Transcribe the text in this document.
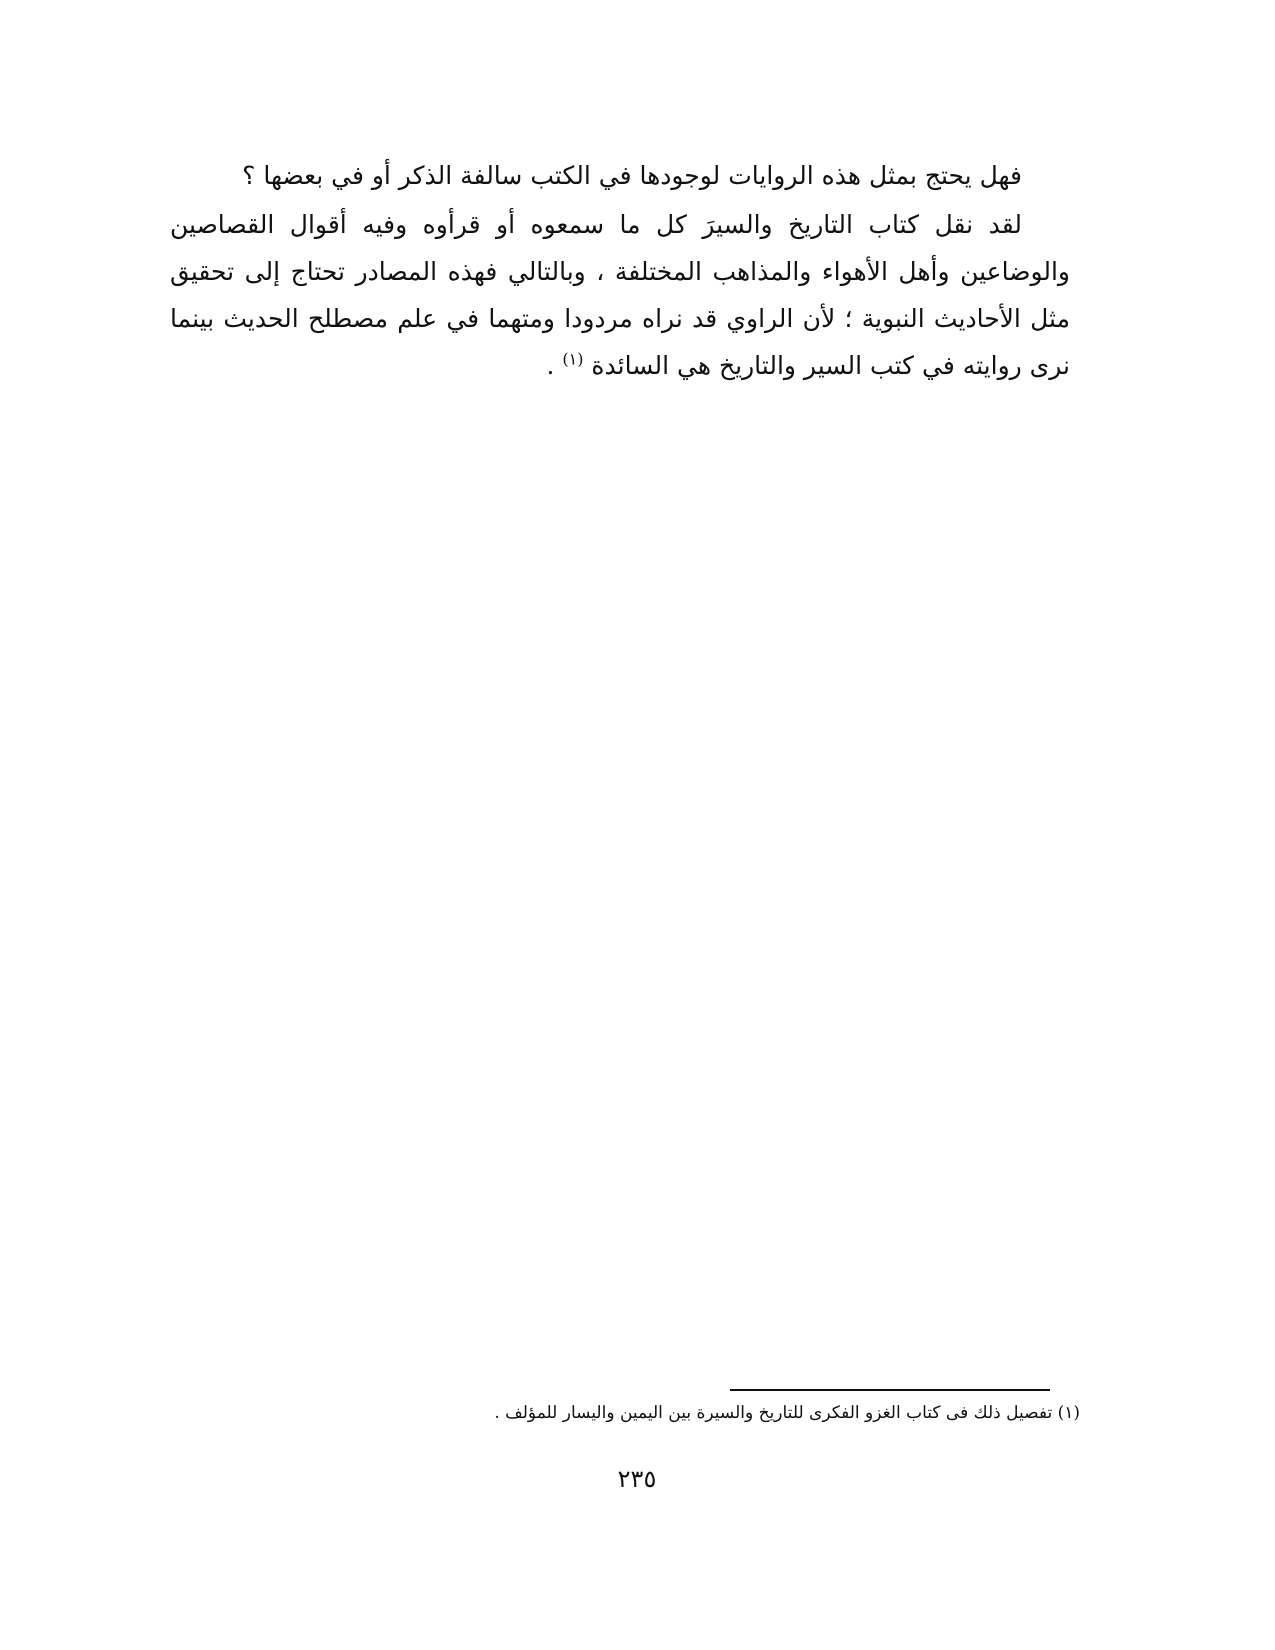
فهل يحتج بمثل هذه الروايات لوجودها في الكتب سالفة الذكر أو في بعضها ؟

لقد نقل كتاب التاريخ والسيرَ كل ما سمعوه أو قرأوه وفيه أقوال القصاصين والوضاعين وأهل الأهواء والمذاهب المختلفة ، وبالتالي فهذه المصادر تحتاج إلى تحقيق مثل الأحاديث النبوية ؛ لأن الراوي قد نراه مردودا ومتهما في علم مصطلح الحديث بينما نرى روايته في كتب السير والتاريخ هي السائدة $^{(١)}$ .

(١) تفصيل ذلك فى كتاب الغزو الفكرى للتاريخ والسيرة بين اليمين واليسار للمؤلف .
٢٣٥
